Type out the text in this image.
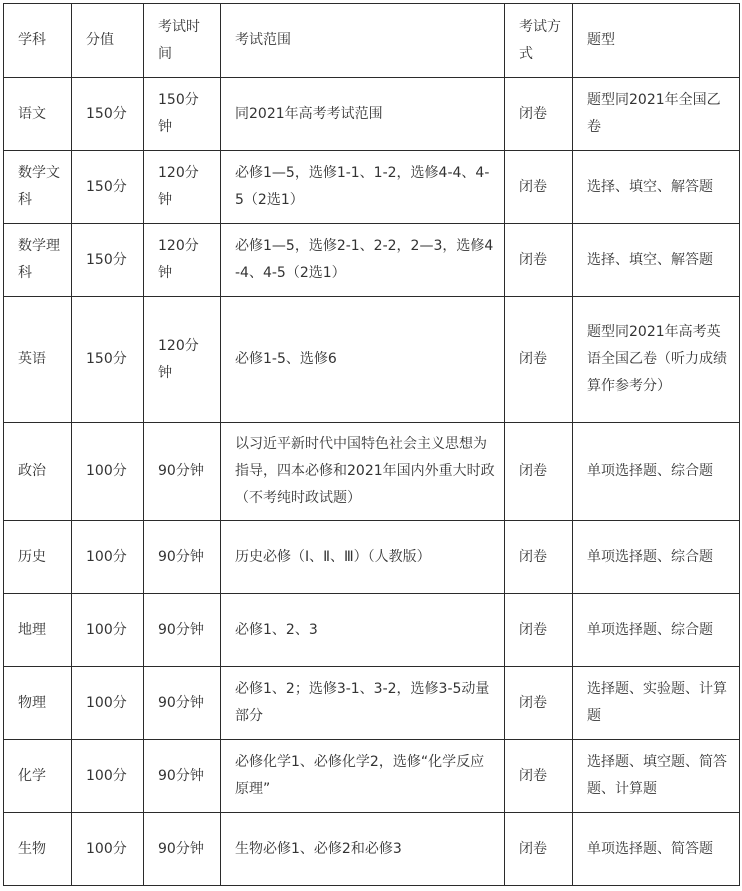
学科	分值	考试时间	考试范围	考试方式	题型
语文	150分	150分钟	同2021年高考考试范围	闭卷	题型同2021年全国乙卷
数学文科	150分	120分钟	必修1—5，选修1-1、1-2，选修4-4、4-5（2选1）	闭卷	选择、填空、解答题
数学理科	150分	120分钟	必修1—5，选修2-1、2-2，2—3，选修4-4、4-5（2选1）	闭卷	选择、填空、解答题
英语	150分	120分钟	必修1-5、选修6	闭卷	题型同2021年高考英语全国乙卷（听力成绩算作参考分）
政治	100分	90分钟	以习近平新时代中国特色社会主义思想为指导，四本必修和2021年国内外重大时政（不考纯时政试题）	闭卷	单项选择题、综合题
历史	100分	90分钟	历史必修（Ⅰ、Ⅱ、Ⅲ）（人教版）	闭卷	单项选择题、综合题
地理	100分	90分钟	必修1、2、3	闭卷	单项选择题、综合题
物理	100分	90分钟	必修1、2；选修3-1、3-2，选修3-5动量部分	闭卷	选择题、实验题、计算题
化学	100分	90分钟	必修化学1、必修化学2，选修“化学反应原理”	闭卷	选择题、填空题、简答题、计算题
生物	100分	90分钟	生物必修1、必修2和必修3	闭卷	单项选择题、简答题
